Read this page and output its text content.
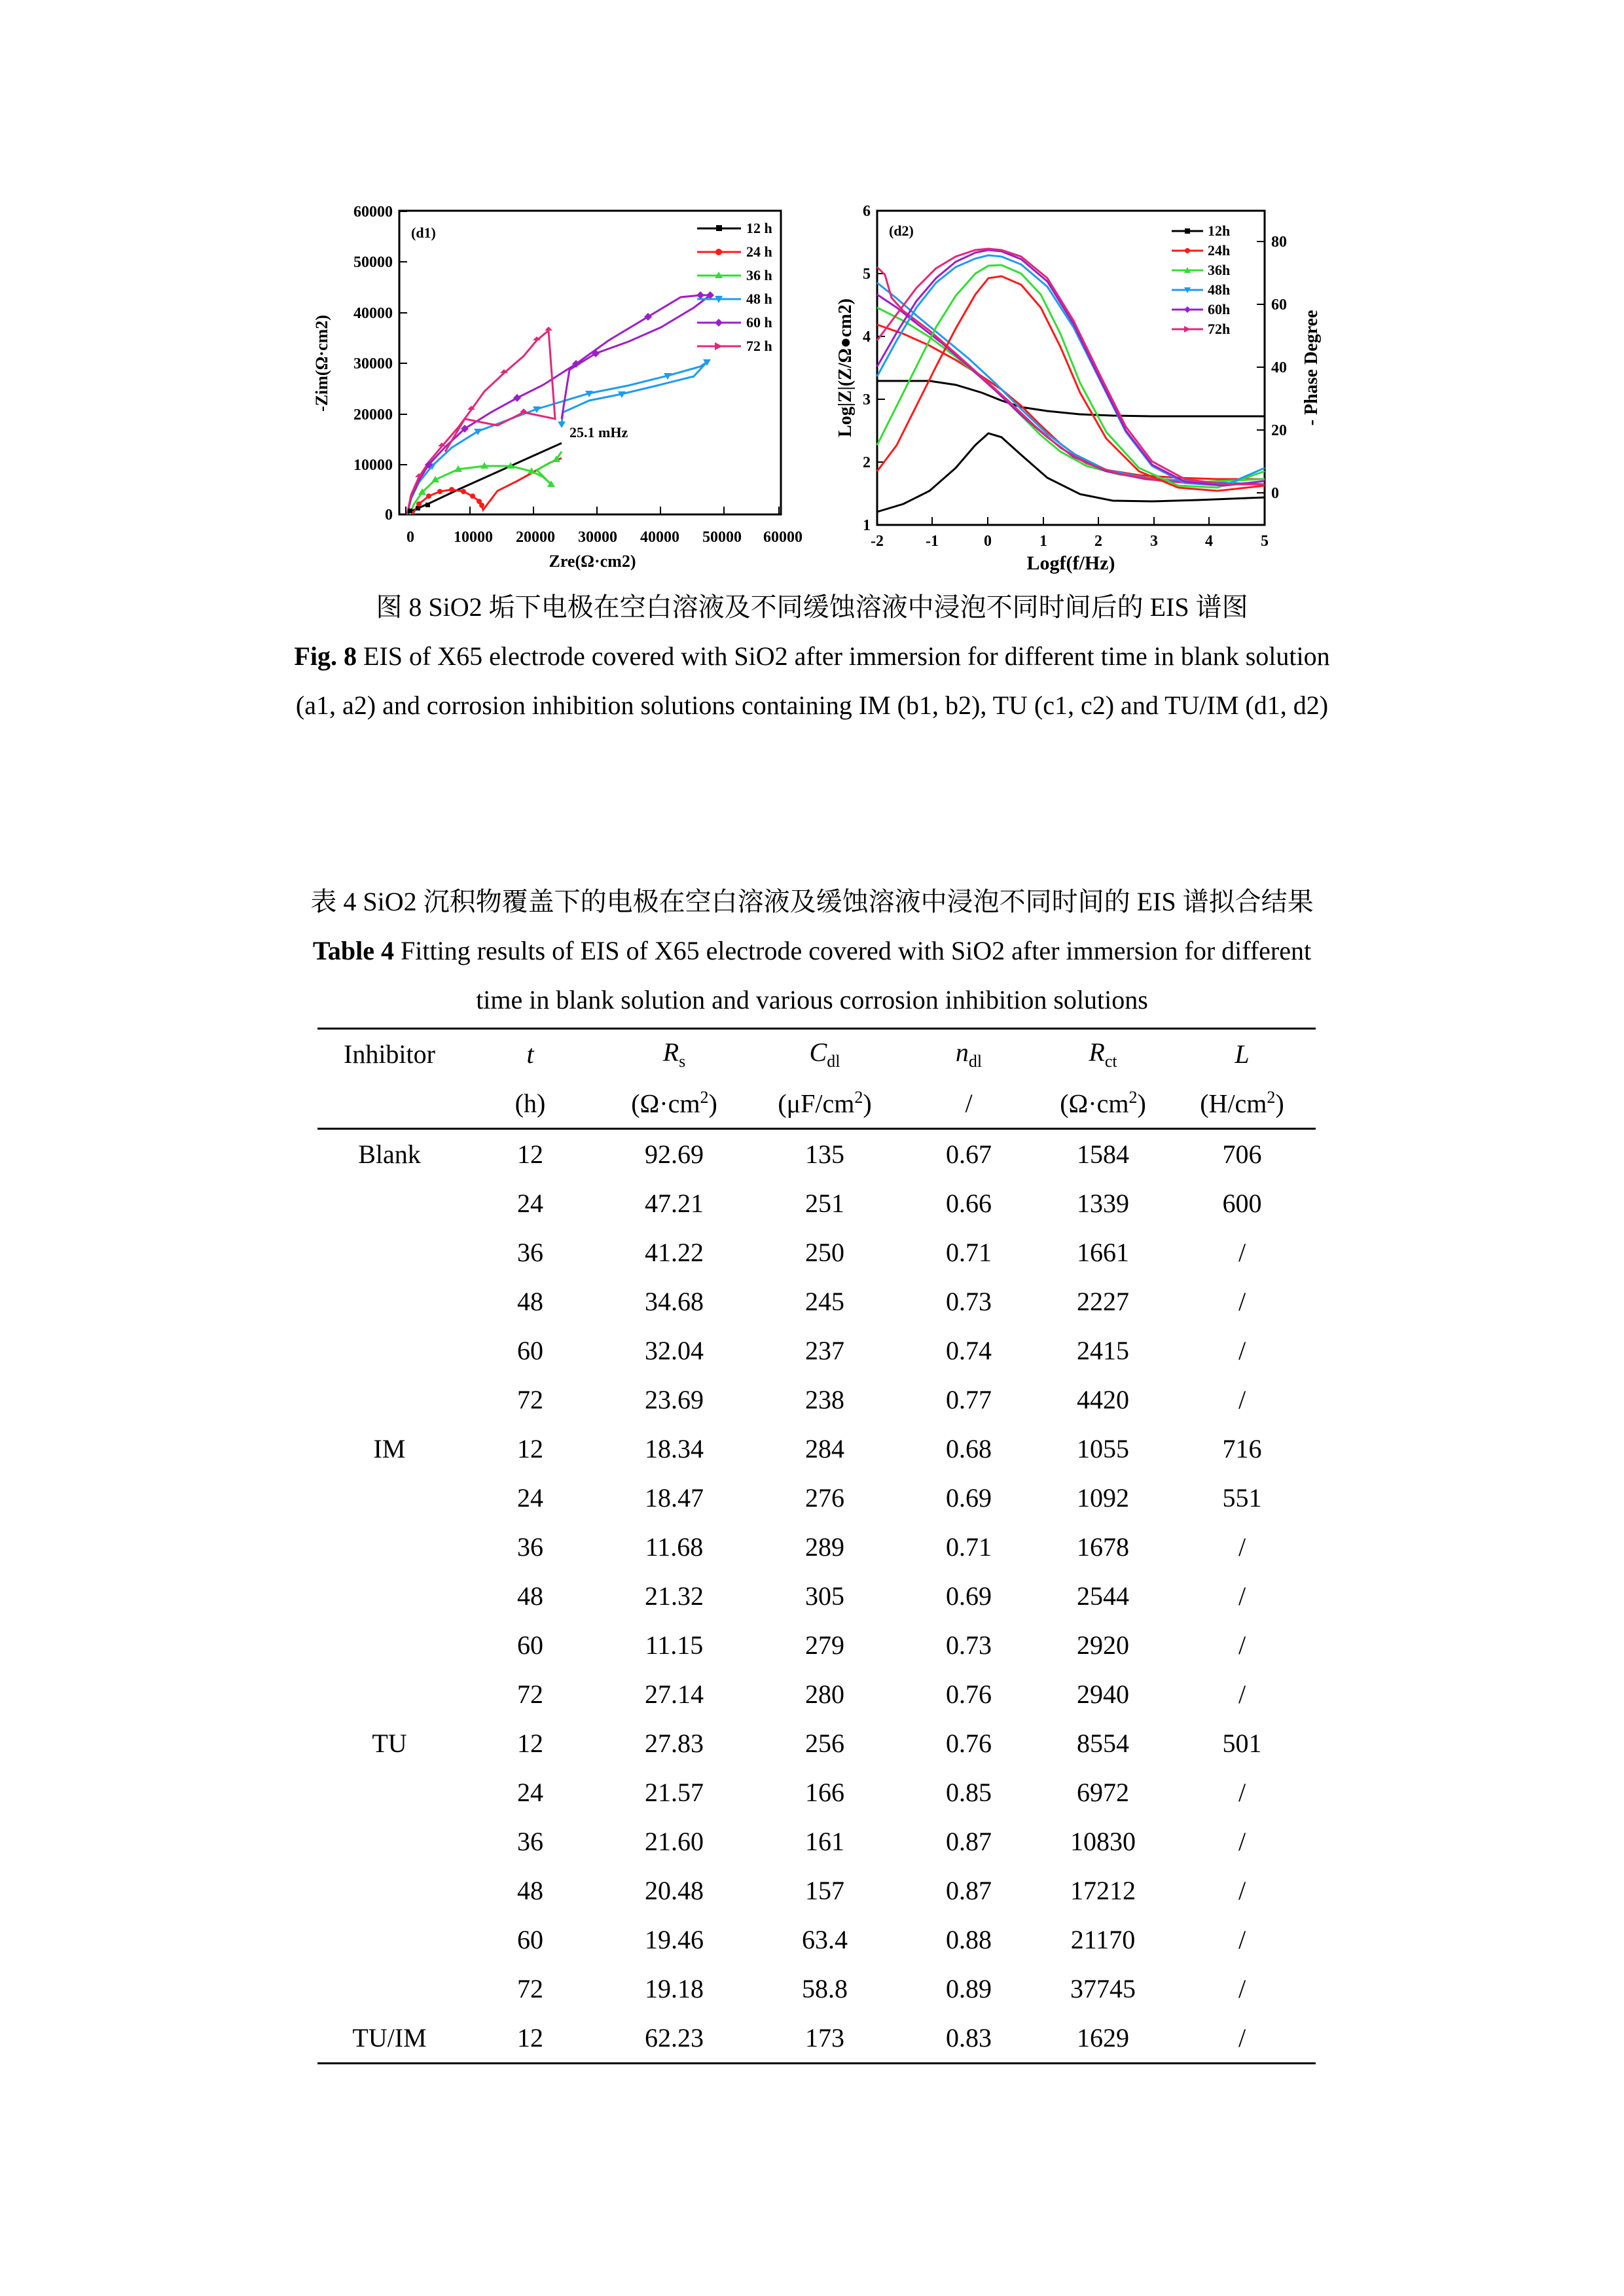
0
10000
20000
30000
40000
50000
60000
0	10000 20000 30000 40000 50000 60000
Zre(Ω·cm2)
-Zim(Ω·cm2)
(d1)
25.1 mHz
12 h
24 h
36 h
48 h
60 h
72 h
1
2
3
4
5
6
0
20
40
60
80
-2	-1	0	1	2	3	4	5
Logf(f/Hz)
Log|Z|(Z/Ω●cm2)	- Phase Degree
(d2)	12h
24h
36h
48h
60h
72h
图 8 SiO2 垢下电极在空白溶液及不同缓蚀溶液中浸泡不同时间后的 EIS 谱图
Fig. 8 EIS of X65 electrode covered with SiO2 after immersion for different time in blank solution
(a1, a2) and corrosion inhibition solutions containing IM (b1, b2), TU (c1, c2) and TU/IM (d1, d2)
表 4 SiO2 沉积物覆盖下的电极在空白溶液及缓蚀溶液中浸泡不同时间的 EIS 谱拟合结果
Table 4 Fitting results of EIS of X65 electrode covered with SiO2 after immersion for different
time in blank solution and various corrosion inhibition solutions
Inhibitor	t	$R_s$	$C_{dl}$	$n_{dl}$	$R_{ct}$	L
	(h)	$(\Omega\cdot cm^2)$	$(\mu F/cm^2)$	/	$(\Omega\cdot cm^2)$	$(H/cm^2)$
Blank	12	92.69	135	0.67	1584	706
	24	47.21	251	0.66	1339	600
	36	41.22	250	0.71	1661	/
	48	34.68	245	0.73	2227	/
	60	32.04	237	0.74	2415	/
	72	23.69	238	0.77	4420	/
IM	12	18.34	284	0.68	1055	716
	24	18.47	276	0.69	1092	551
	36	11.68	289	0.71	1678	/
	48	21.32	305	0.69	2544	/
	60	11.15	279	0.73	2920	/
	72	27.14	280	0.76	2940	/
TU	12	27.83	256	0.76	8554	501
	24	21.57	166	0.85	6972	/
	36	21.60	161	0.87	10830	/
	48	20.48	157	0.87	17212	/
	60	19.46	63.4	0.88	21170	/
	72	19.18	58.8	0.89	37745	/
TU/IM	12	62.23	173	0.83	1629	/
